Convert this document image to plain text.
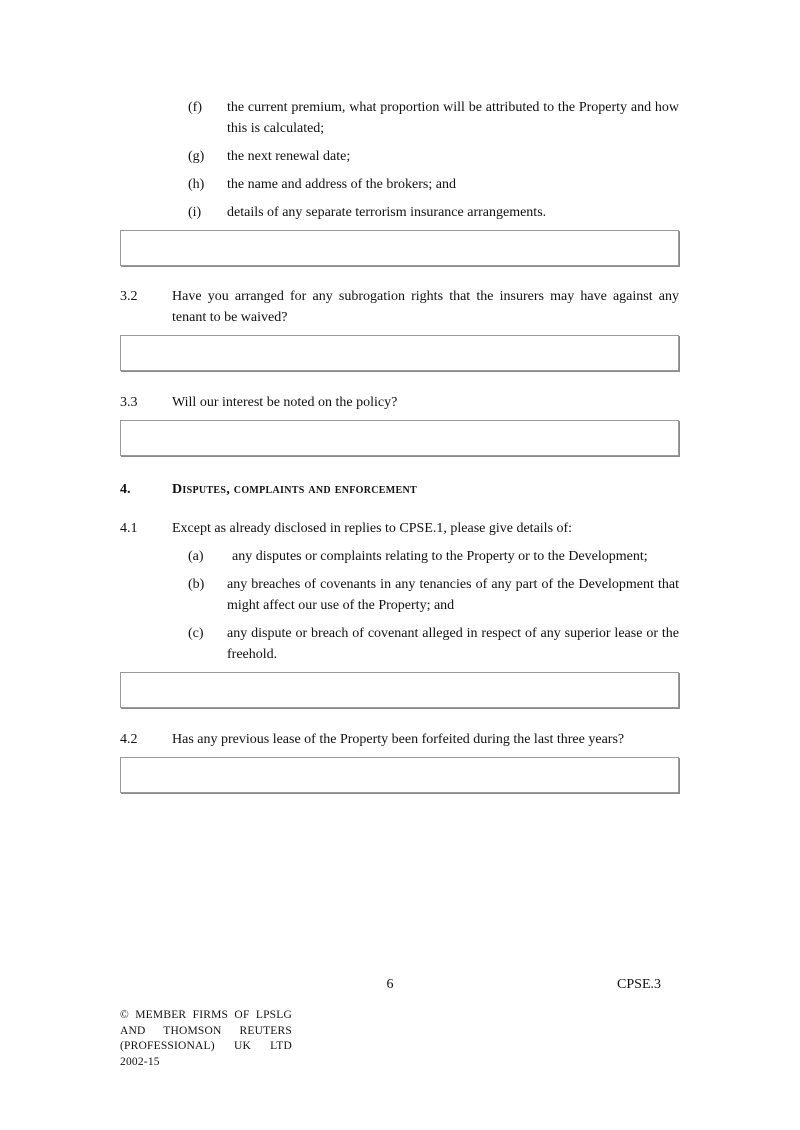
(f)	the current premium, what proportion will be attributed to the Property and how this is calculated;
(g)	the next renewal date;
(h)	the name and address of the brokers; and
(i)	details of any separate terrorism insurance arrangements.
3.2	Have you arranged for any subrogation rights that the insurers may have against any tenant to be waived?
3.3	Will our interest be noted on the policy?
4.	Disputes, complaints and enforcement
4.1	Except as already disclosed in replies to CPSE.1, please give details of:
(a)	any disputes or complaints relating to the Property or to the Development;
(b)	any breaches of covenants in any tenancies of any part of the Development that might affect our use of the Property; and
(c)	any dispute or breach of covenant alleged in respect of any superior lease or the freehold.
4.2	Has any previous lease of the Property been forfeited during the last three years?
6	CPSE.3
© MEMBER FIRMS OF LPSLG
AND THOMSON REUTERS
(PROFESSIONAL) UK LTD
2002-15
